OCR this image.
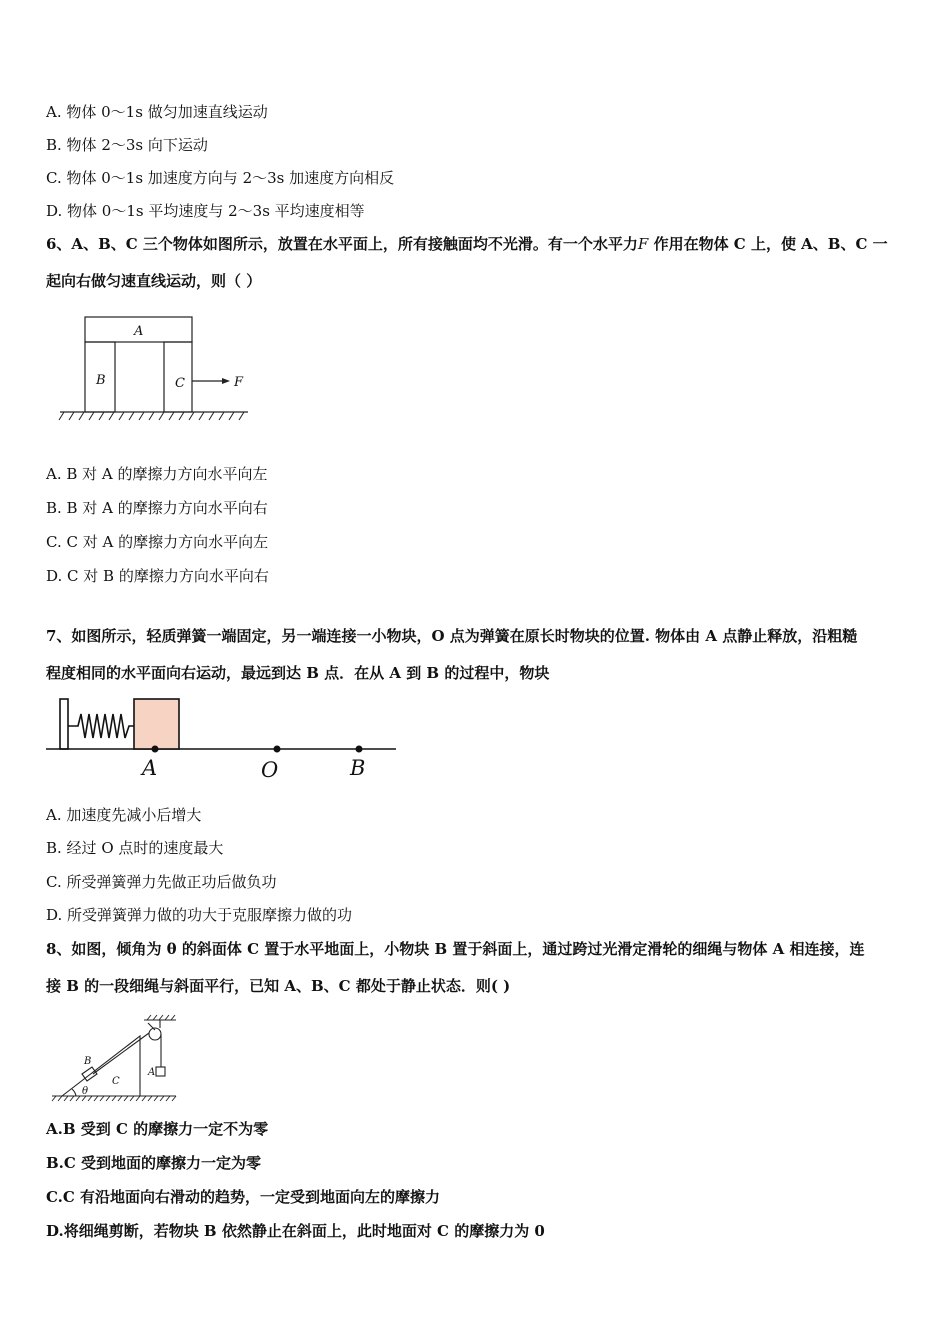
A. 物体 0～1s 做匀加速直线运动
B. 物体 2～3s 向下运动
C. 物体 0～1s 加速度方向与 2～3s 加速度方向相反
D. 物体 0～1s 平均速度与 2～3s 平均速度相等
6、A、B、C 三个物体如图所示，放置在水平面上，所有接触面均不光滑。有一个水平力F 作用在物体 C 上，使 A、B、C 一
起向右做匀速直线运动，则（ ）
A
B	C	F
A. B 对 A 的摩擦力方向水平向左
B. B 对 A 的摩擦力方向水平向右
C. C 对 A 的摩擦力方向水平向左
D. C 对 B 的摩擦力方向水平向右
7、如图所示，轻质弹簧一端固定，另一端连接一小物块，O 点为弹簧在原长时物块的位置. 物体由 A 点静止释放，沿粗糙
程度相同的水平面向右运动，最远到达 B 点．在从 A 到 B 的过程中，物块
A	O	B
A. 加速度先减小后增大
B. 经过 O 点时的速度最大
C. 所受弹簧弹力先做正功后做负功
D. 所受弹簧弹力做的功大于克服摩擦力做的功
8、如图，倾角为 θ 的斜面体 C 置于水平地面上，小物块 B 置于斜面上，通过跨过光滑定滑轮的细绳与物体 A 相连接，连
接 B 的一段细绳与斜面平行，已知 A、B、C 都处于静止状态．则( )
B
C
A
θ
A.B 受到 C 的摩擦力一定不为零
B.C 受到地面的摩擦力一定为零
C.C 有沿地面向右滑动的趋势，一定受到地面向左的摩擦力
D.将细绳剪断，若物块 B 依然静止在斜面上，此时地面对 C 的摩擦力为 0
